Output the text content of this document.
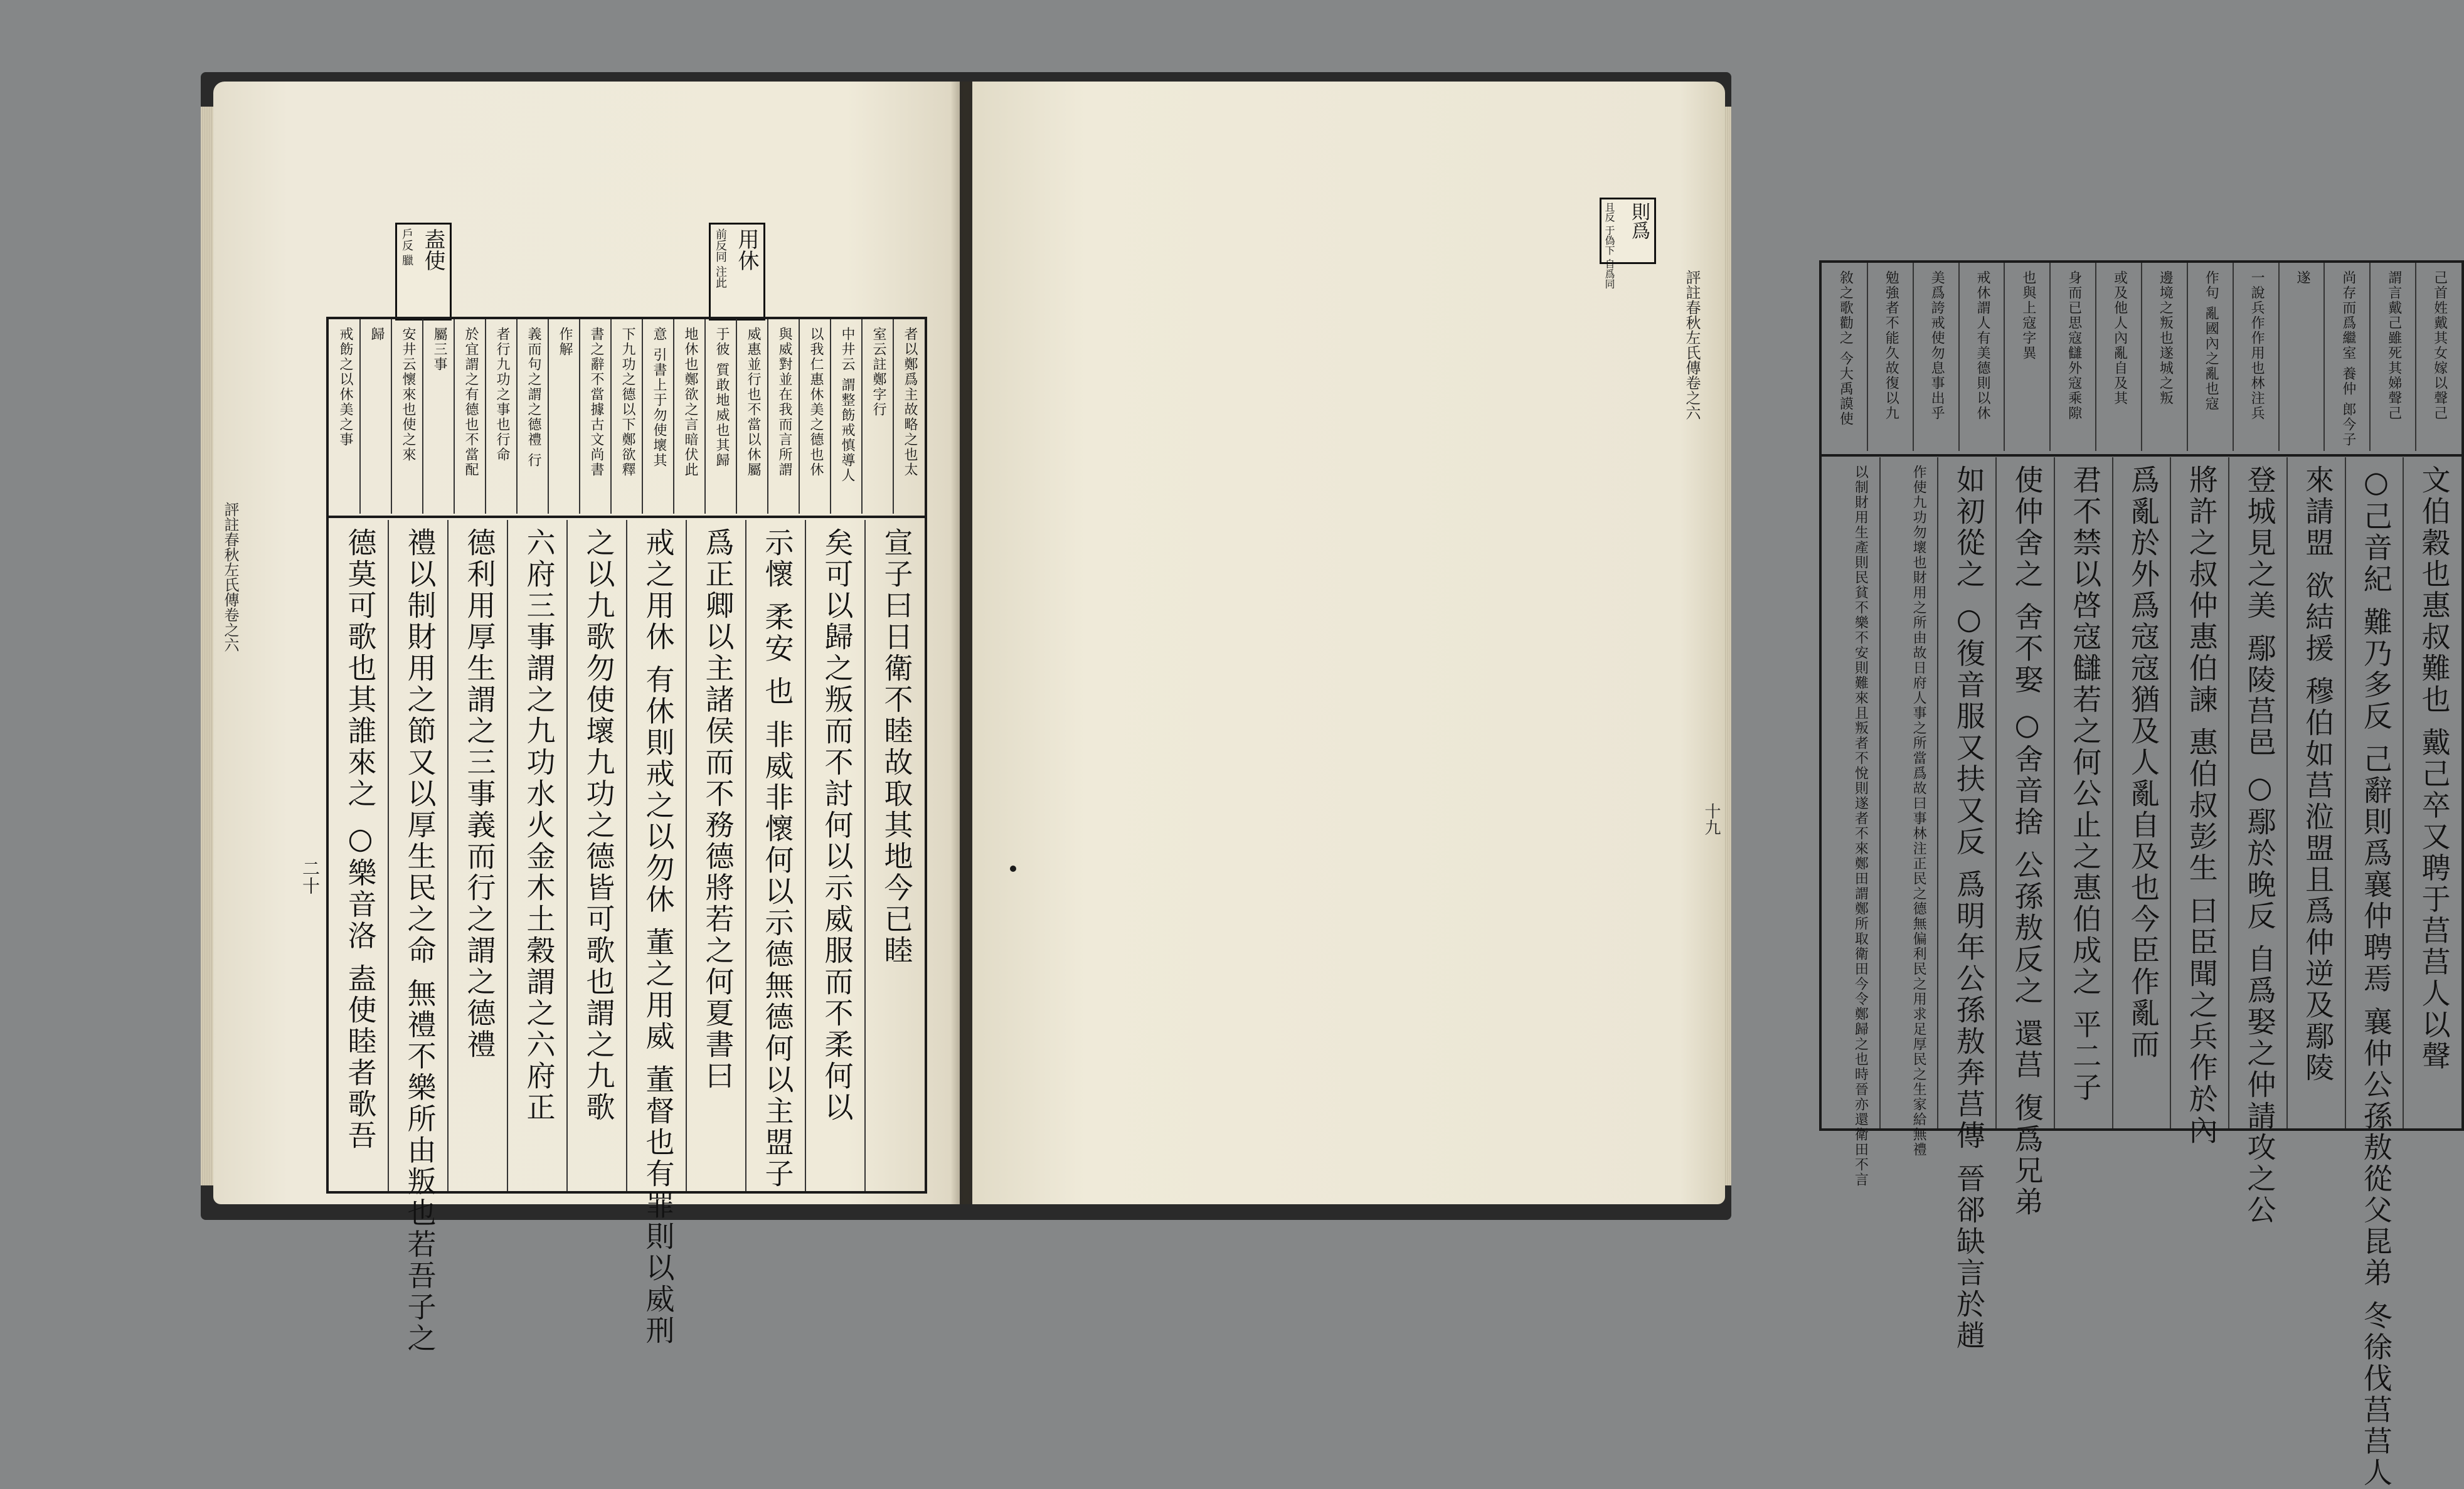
評註春秋左氏傳卷之六
用休
前反同 注此
盍使
戶反 臘
者以鄭爲主故略之也太
室云註鄭字行
中井云 謂整飭戒慎導人
以我仁惠休美之德也休
與威對並在我而言所謂
威惠並行也不當以休屬
于彼 質敢地威也其歸
地休也鄭欲之言暗伏此
意 引書上于勿使壞其
下九功之德以下鄭欲釋
書之辭不當據古文尚書
作解
義而句之謂之德禮 行
者行九功之事也行命
於宜謂之有德也不當配
屬三事
安井云懷來也使之來
歸
戒飭之以休美之事
宣子曰日衛不睦故取其地今已睦
矣可以歸之叛而不討何以示威服而不柔何以
示懷 柔安 也 非威非懷何以示德無德何以主盟子
爲正卿以主諸侯而不務德將若之何夏書曰
戒之用休 有休則戒之以勿休 董之用威 董督也有罪則以威刑
之以九歌勿使壞九功之德皆可歌也謂之九歌
六府三事謂之九功水火金木土穀謂之六府正
德利用厚生謂之三事義而行之謂之德禮
禮以制財用之節又以厚生民之命 無禮不樂所由叛也若吾子之
德莫可歌也其誰來之 ○樂音洛 盍使睦者歌吾
二十
則爲
且反 于偽下 自爲同
己首姓戴其女嫁以聲己
謂言戴己雖死其娣聲己
尚存而爲繼室 養仲 郎今子
遂
一說兵作作用也林注兵
作句 亂國內之亂也寇
邊境之叛也遂城之叛
或及他人內亂自及其
身而已思寇讎外寇乘隙
也與上寇字異
戒休謂人有美德則以休
美爲誇戒使勿息事出乎
勉強者不能久故復以九
敘之歌勸之 今大禹謨使
文伯穀也惠叔難也 戴己卒又聘于莒莒人以聲
○己音紀 難乃多反 己辭則爲襄仲聘焉 襄仲公孫敖從父昆弟 冬徐伐莒莒人
來請盟 欲結援 穆伯如莒涖盟且爲仲逆及鄢陵
登城見之美 鄢陵莒邑 ○鄢於晚反 自爲娶之仲請攻之公
將許之叔仲惠伯諫 惠伯叔彭生 曰臣聞之兵作於內
爲亂於外爲寇寇猶及人亂自及也今臣作亂而
君不禁以啓寇讎若之何公止之惠伯成之 平二子
使仲舍之 舍不娶 ○舍音捨 公孫敖反之 還莒 復爲兄弟
如初從之 ○復音服又扶又反 爲明年公孫敖奔莒傳 晉郤缺言於趙
作使九功勿壞也財用之所由故日府人事之所當爲故曰事林注正民之德無偏利民之用求足厚民之生家給無禮
以制財用生產則民貧不樂不安則難來且叛者不悅則遂者不來鄭田謂鄭所取衛田今令鄭歸之也時晉亦還衛田不言
十九
評註春秋左氏傳卷之六
